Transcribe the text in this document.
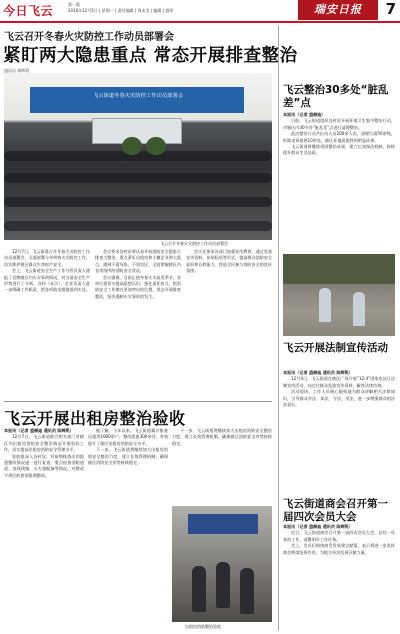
今日飞云	第一版
2016年12月5日 | 星期一 | 责任编辑 | 周末美 | 编辑 | 盛荣	瑞安日报	7
飞云召开冬春火灾防控工作动员部署会
紧盯两大隐患重点 常态开展排查整治
通讯员 周辉钒
飞云街道冬春火灾防控工作动员部署会
飞云召开冬春火灾防控工作动员部署会

12月7日，飞云街道召开冬春火灾防控工作动员部署会，全面部署今冬明春火灾防控工作，切实维护辖区群众生命财产安全。

会上，飞云街道安全生产工作分管负责人通报了近期辖区内火灾事故情况，对当前安全生产形势进行了分析。各村（社区）、企业负责人进一步明确工作职责，把各项防范措施落到实处。

会议要求各村居要认真开展消防安全隐患大排查大整治，重点紧盯出租房和小微企业两大重点，做到不留死角、不留盲区，全面掌握辖区内各类场所的消防安全状况。

会议强调，当前正值冬春火灾高发季节，各单位要切实提高思想认识，强化责任担当，把消防安全工作摆在更加突出的位置，常态开展排查整治，坚决遏制火灾事故的发生。

会议还要求各部门加强宣传教育，通过发放宣传资料、张贴标语等形式，提高群众消防安全意识和自救能力，营造全民参与消防安全的良好氛围。

飞云开展出租房整治验收

本报讯（记者 盛赫迪 通讯员 陈辉钒）

12月7日，飞云街道联合相关部门对辖区内出租房消防安全整治情况开展验收工作，切实提高出租房消防安全管理水平。

验收组深入各村居，对前期排查出的隐患整改情况逐一进行复查，重点检查消防通道、电线线路、灭火器配备等情况，对整改不到位的要求限期整改。

据了解，今年以来，飞云街道累计排查出租房1000余户，整改隐患300余处，有效提升了辖区出租房消防安全水平。

下一步，飞云街道将继续加大出租房消防安全整治力度，建立长效管理机制，确保辖区消防安全形势持续稳定。

下一步，飞云街道将继续加大出租房消防安全整治力度，建立长效管理机制，确保辖区消防安全形势持续稳定。

出租房消防整治验收
飞云整治30多处“脏乱差”点

本报讯（记者 盛赫迪）

日前，飞云街道组织各村居开展环境卫生集中整治行动，对辖区内30多处“脏乱差”点进行清理整治。

此次整治行动共出动人员200余人次，清理垃圾50余吨，拆除违章搭建10余处，辖区环境面貌得到明显改善。

飞云街道将继续巩固整治成果，建立长效保洁机制，持续提升群众生活品质。

飞云开展法制宣传活动

本报讯（记者 盛赫迪 通讯员 陈辉钒）

12月4日，飞云街道在辖区广场开展“12·4”国家宪法日法制宣传活动，向过往群众发放宣传资料，解答法律咨询。

活动现场，工作人员耐心细致地为群众讲解相关法律知识，引导群众学法、知法、守法、用法，进一步增强群众的法治意识。

飞云街道商会召开第一届四次会员大会

本报讯（记者 盛赫迪 通讯员 陈辉钒）

近日，飞云街道商会召开第一届四次会员大会，总结一年来的工作，部署明年工作任务。

会上，会员们围绕商会发展建言献策，表示将进一步发挥商会桥梁纽带作用，为地方经济发展贡献力量。
